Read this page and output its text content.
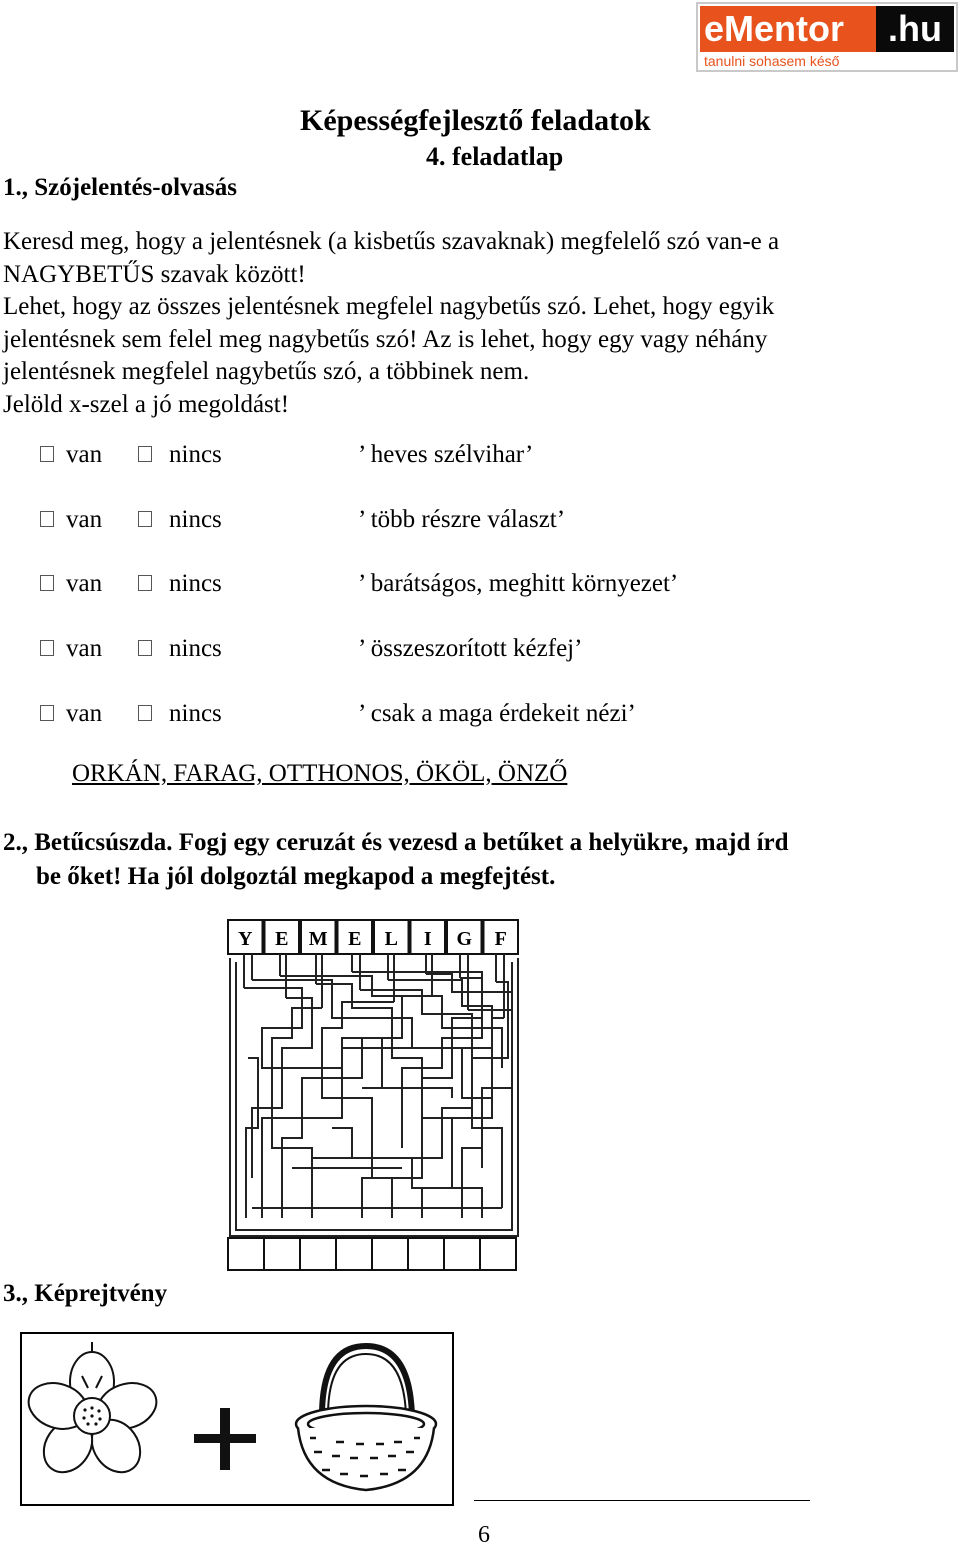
eMentor	.hu
tanulni sohasem késő
Képességfejlesztő feladatok
4. feladatlap
1., Szójelentés-olvasás
Keresd meg, hogy a jelentésnek (a kisbetűs szavaknak) megfelelő szó van-e a
NAGYBETŰS szavak között!
Lehet, hogy az összes jelentésnek megfelel nagybetűs szó. Lehet, hogy egyik
jelentésnek sem felel meg nagybetűs szó! Az is lehet, hogy egy vagy néhány
jelentésnek megfelel nagybetűs szó, a többinek nem.
Jelöld x-szel a jó megoldást!
van	nincs	’ heves szélvihar’
van	nincs	’ több részre választ’
van	nincs	’ barátságos, meghitt környezet’
van	nincs	’ összeszorított kézfej’
van	nincs	’ csak a maga érdekeit nézi’
ORKÁN, FARAG, OTTHONOS, ÖKÖL, ÖNZŐ
2., Betűcsúszda. Fogj egy ceruzát és vezesd a betűket a helyükre, majd írd
be őket! Ha jól dolgoztál megkapod a megfejtést.
Y E M E L I G F
3., Képrejtvény
6
